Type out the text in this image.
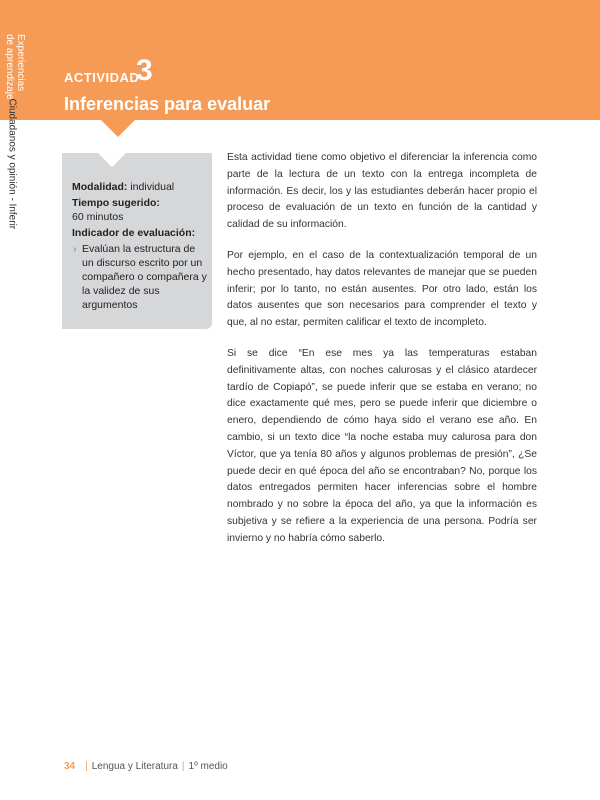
Experiencias
de aprendizaje
Ciudadanos y opinión - Inferir
ACTIVIDAD
3
Inferencias para evaluar
Modalidad: individual
Tiempo sugerido:
60 minutos
Indicador de evaluación:
› Evalúan la estructura de un discurso escrito por un compañero o compañera y la validez de sus argumentos

Esta actividad tiene como objetivo el diferenciar la inferencia como parte de la lectura de un texto con la entrega incompleta de información. Es decir, los y las estudiantes deberán hacer propio el proceso de evaluación de un texto en función de la cantidad y calidad de su información.

Por ejemplo, en el caso de la contextualización temporal de un hecho presentado, hay datos relevantes de manejar que se pueden inferir; por lo tanto, no están ausentes. Por otro lado, están los datos ausentes que son necesarios para comprender el texto y que, al no estar, permiten calificar el texto de incompleto.

Si se dice “En ese mes ya las temperaturas estaban definitivamente altas, con noches calurosas y el clásico atardecer tardío de Copiapó”, se puede inferir que se estaba en verano; no dice exactamente qué mes, pero se puede inferir que diciembre o enero, dependiendo de cómo haya sido el verano ese año. En cambio, si un texto dice “la noche estaba muy calurosa para don Víctor, que ya tenía 80 años y algunos problemas de presión”, ¿Se puede decir en qué época del año se encontraban? No, porque los datos entregados permiten hacer inferencias sobre el hombre nombrado y no sobre la época del año, ya que la información es subjetiva y se refiere a la experiencia de una persona. Podría ser invierno y no habría cómo saberlo.

34 | Lengua y Literatura | 1º medio
